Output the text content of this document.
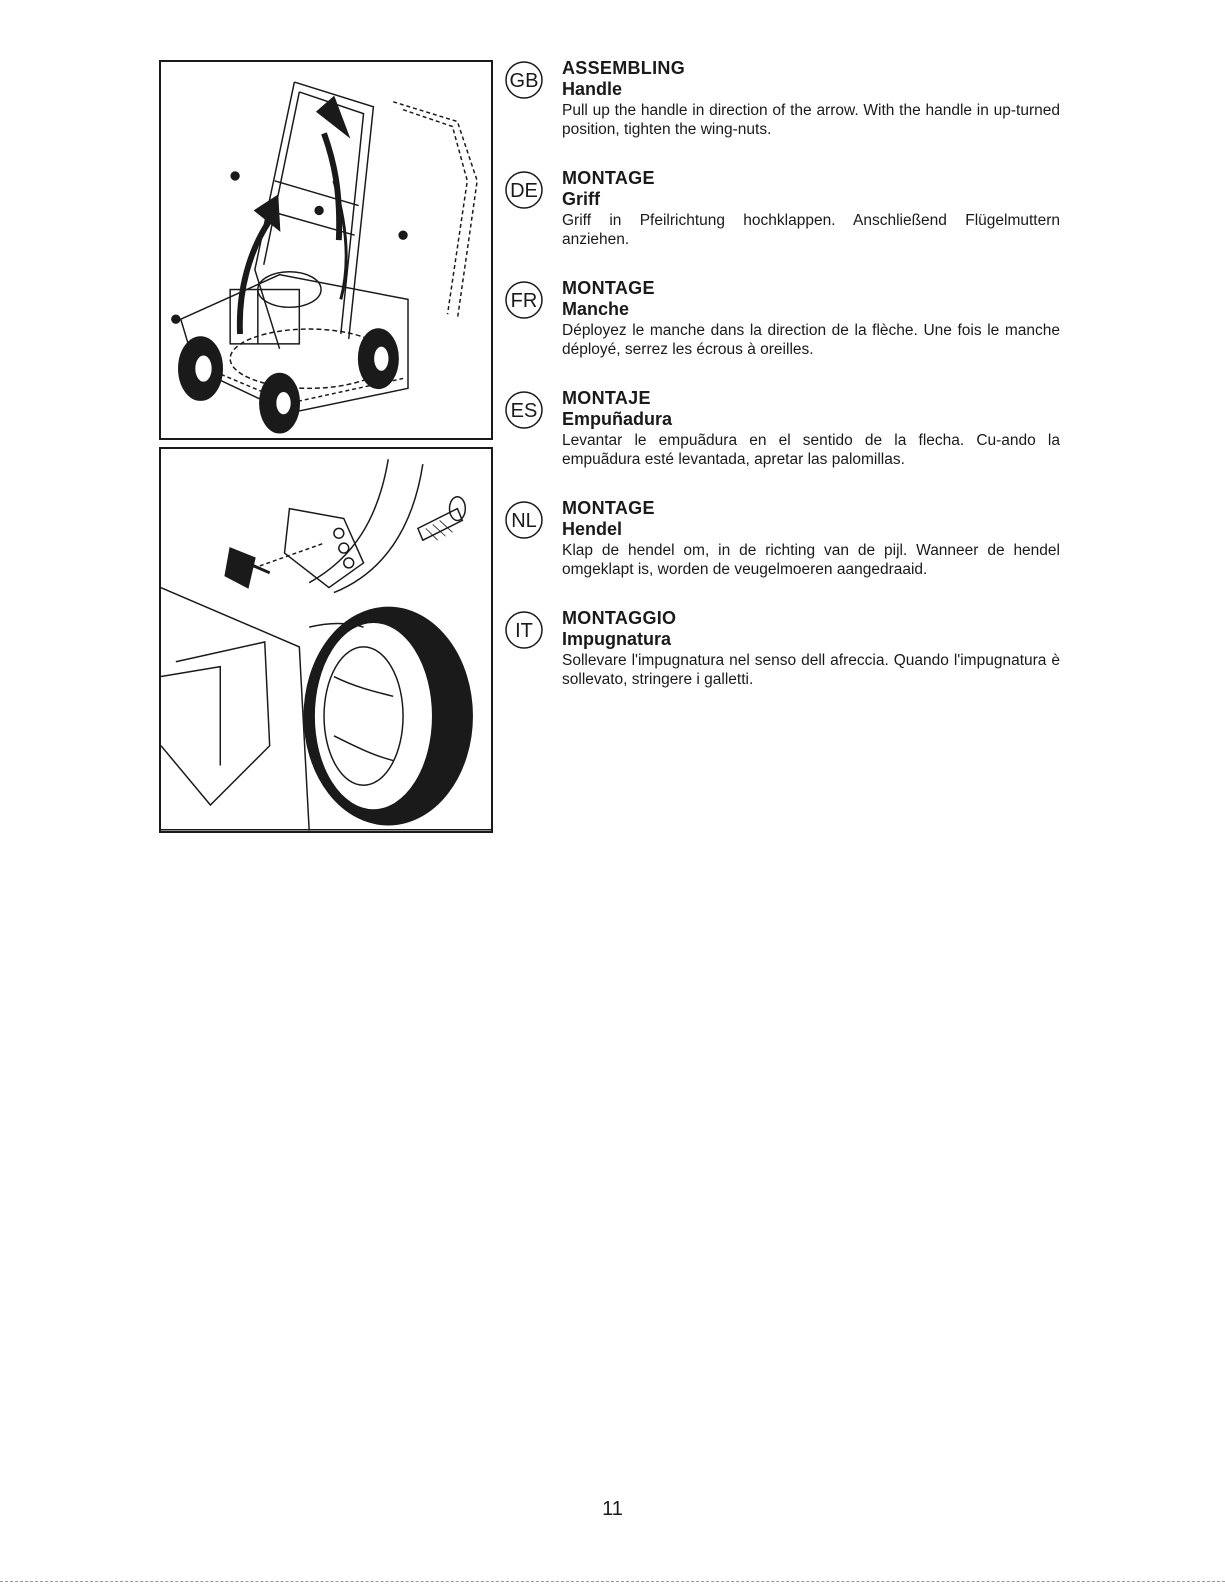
GB
ASSEMBLING
Handle
Pull up the handle in direction of the arrow. With the handle in up-turned position, tighten the wing-nuts.
DE
MONTAGE
Griff
Griff in Pfeilrichtung hochklappen. Anschließend Flügelmuttern anziehen.
FR
MONTAGE
Manche
Déployez le manche dans la direction de la flèche. Une fois le manche déployé, serrez les écrous à oreilles.
ES
MONTAJE
Empuñadura
Levantar le empuãdura en el sentido de la flecha. Cu-ando la empuãdura esté levantada, apretar las palomillas.
NL
MONTAGE
Hendel
Klap de hendel om, in de richting van de pijl. Wanneer de hendel omgeklapt is, worden de veugelmoeren aangedraaid.
IT
MONTAGGIO
Impugnatura
Sollevare l'impugnatura nel senso dell afreccia. Quando l'impugnatura è sollevato, stringere i galletti.
11
